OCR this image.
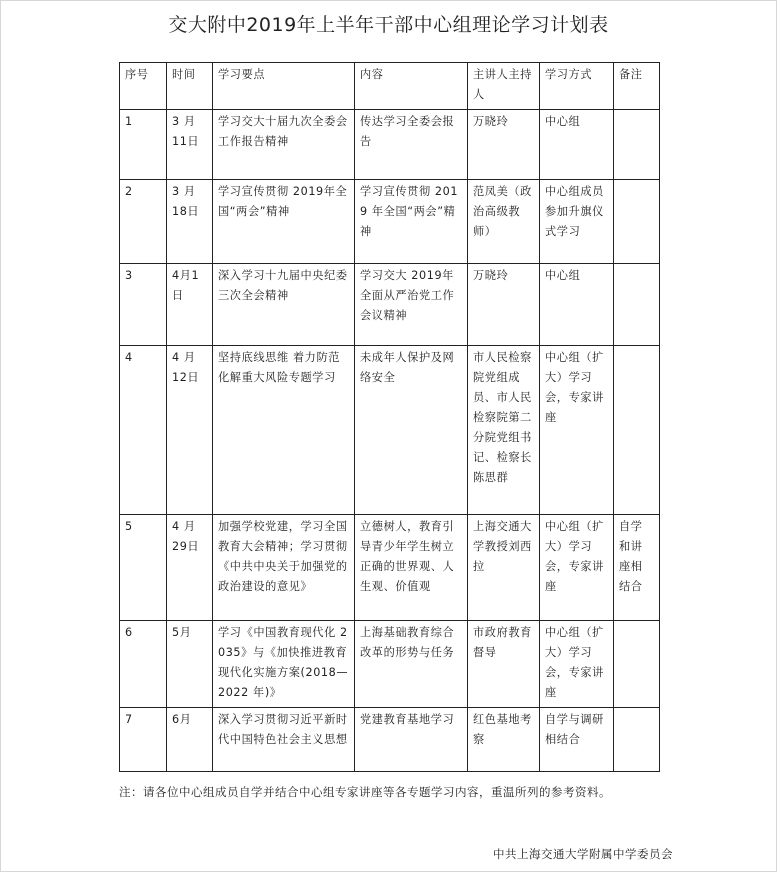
交大附中2019年上半年干部中心组理论学习计划表
序号	时间	学习要点	内容	主讲人主持人	学习方式	备注
1	3 月 11日	学习交大十届九次全委会工作报告精神	传达学习全委会报告	万晓玲	中心组	
2	3 月 18日	学习宣传贯彻 2019年全国“两会”精神	学习宣传贯彻 2019 年全国“两会”精神	范凤美（政治高级教师）	中心组成员参加升旗仪式学习	
3	4月1日	深入学习十九届中央纪委三次全会精神	学习交大 2019年全面从严治党工作会议精神	万晓玲	中心组	
4	4 月 12日	坚持底线思维 着力防范化解重大风险专题学习	未成年人保护及网络安全	市人民检察院党组成员、市人民检察院第二分院党组书记、检察长陈思群	中心组（扩大）学习会，专家讲座	
5	4 月 29日	加强学校党建，学习全国教育大会精神；学习贯彻《中共中央关于加强党的政治建设的意见》	立德树人，教育引导青少年学生树立正确的世界观、人生观、价值观	上海交通大学教授刘西拉	中心组（扩大）学习会，专家讲座	自学和讲座相结合
6	5月	学习《中国教育现代化 2035》与《加快推进教育现代化实施方案(2018—2022 年)》	上海基础教育综合改革的形势与任务	市政府教育督导	中心组（扩大）学习会，专家讲座	
7	6月	深入学习贯彻习近平新时代中国特色社会主义思想	党建教育基地学习	红色基地考察	自学与调研相结合	
注：请各位中心组成员自学并结合中心组专家讲座等各专题学习内容，重温所列的参考资料。
中共上海交通大学附属中学委员会
